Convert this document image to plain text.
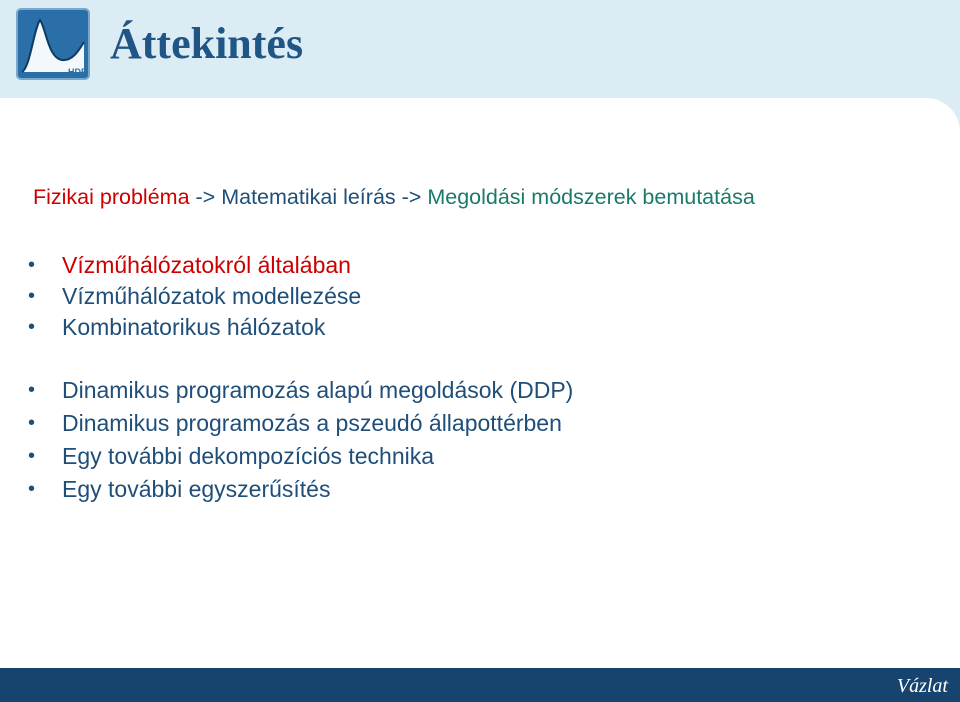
HDR
Áttekintés

Fizikai probléma -> Matematikai leírás -> Megoldási módszerek bemutatása

• Vízműhálózatokról általában
• Vízműhálózatok modellezése
• Kombinatorikus hálózatok
• Dinamikus programozás alapú megoldások (DDP)
• Dinamikus programozás a pszeudó állapottérben
• Egy további dekompozíciós technika
• Egy további egyszerűsítés
Vázlat
